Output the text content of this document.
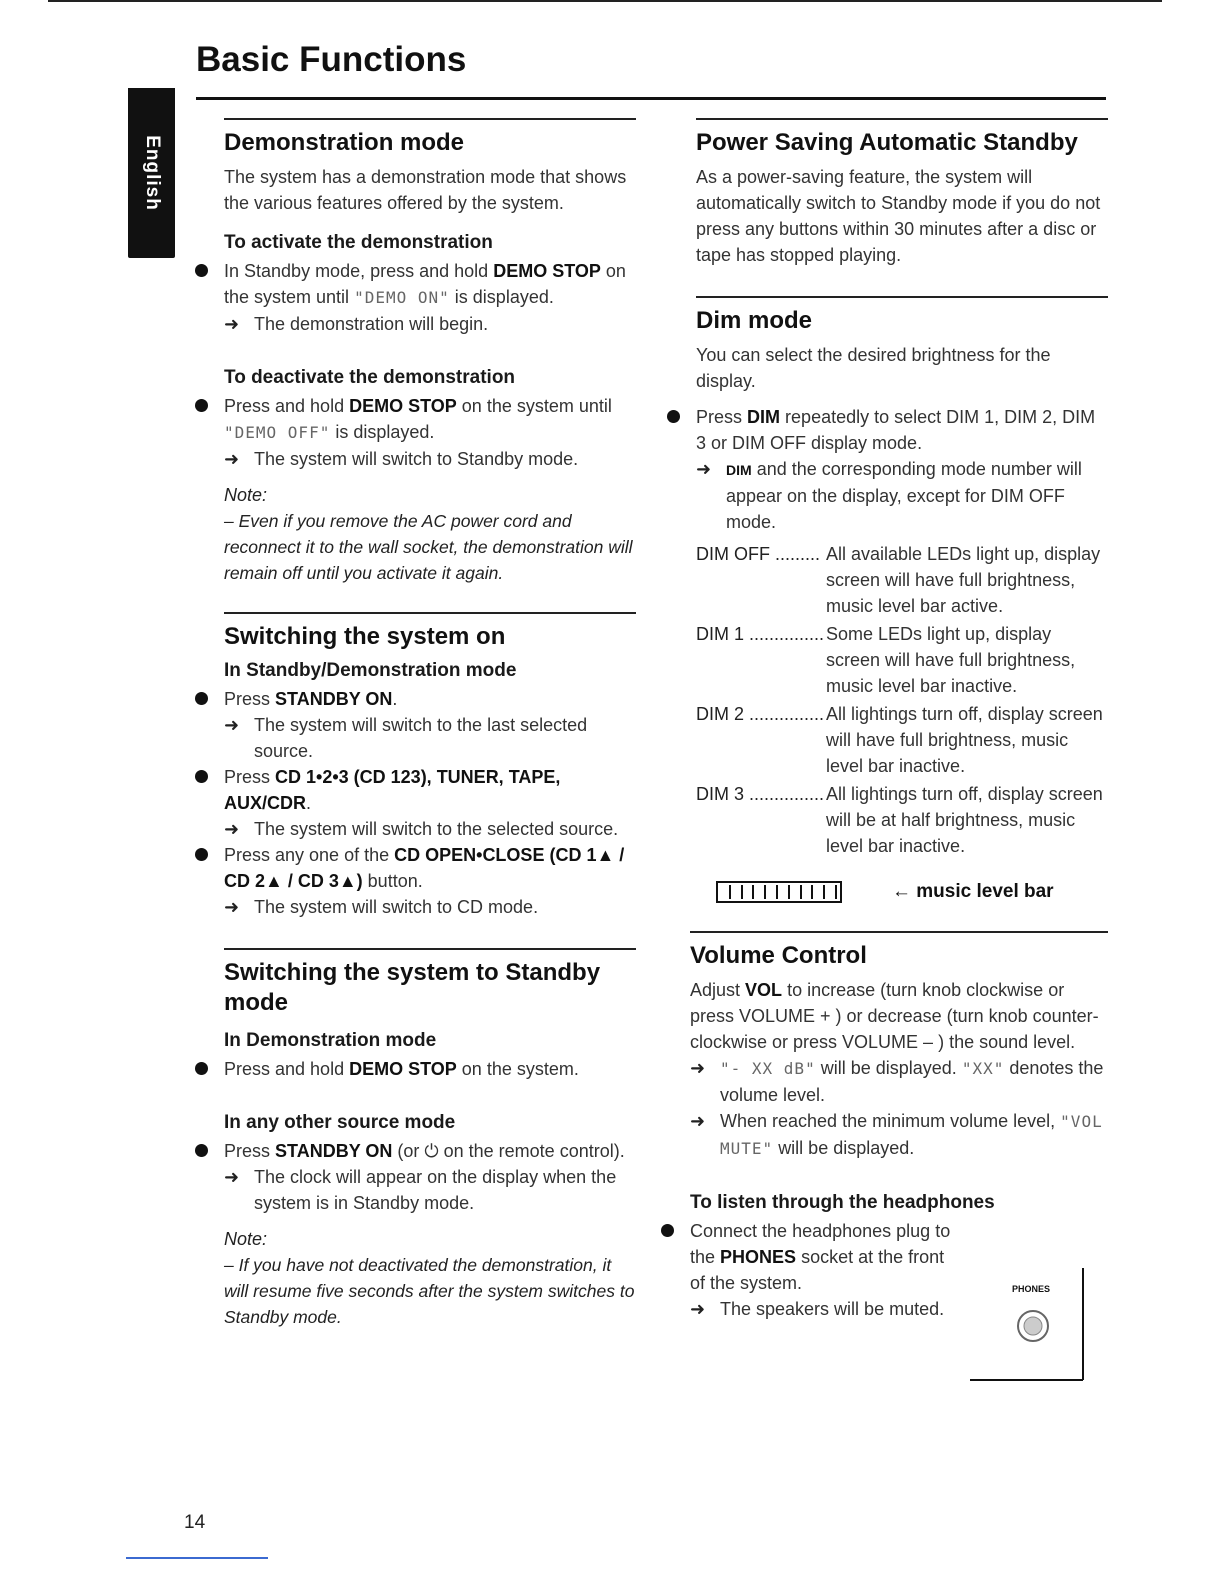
English
Basic Functions
Demonstration mode

The system has a demonstration mode that shows the various features offered by the system.

To activate the demonstration

In Standby mode, press and hold DEMO STOP on the system until "DEMO ON" is displayed.

➜ The demonstration will begin.

To deactivate the demonstration

Press and hold DEMO STOP on the system until "DEMO OFF" is displayed.

➜ The system will switch to Standby mode.

Note:

– Even if you remove the AC power cord and reconnect it to the wall socket, the demonstration will remain off until you activate it again.

Switching the system on
In Standby/Demonstration mode

Press STANDBY ON.

➜ The system will switch to the last selected source.

Press CD 1•2•3 (CD 123), TUNER, TAPE, AUX/CDR.

➜ The system will switch to the selected source.

Press any one of the CD OPEN•CLOSE (CD 1▲ / CD 2▲ / CD 3▲) button.

➜ The system will switch to CD mode.

Switching the system to Standby mode
In Demonstration mode

Press and hold DEMO STOP on the system.

In any other source mode

Press STANDBY ON (or ⏻ on the remote control).

➜ The clock will appear on the display when the system is in Standby mode.

Note:

– If you have not deactivated the demonstration, it will resume five seconds after the system switches to Standby mode.

Power Saving Automatic Standby

As a power-saving feature, the system will automatically switch to Standby mode if you do not press any buttons within 30 minutes after a disc or tape has stopped playing.

Dim mode

You can select the desired brightness for the display.

Press DIM repeatedly to select DIM 1, DIM 2, DIM 3 or DIM OFF display mode.

➜ DIM and the corresponding mode number will appear on the display, except for DIM OFF mode.

DIM OFF ......... All available LEDs light up, display screen will have full brightness, music level bar active.
DIM 1 ............... Some LEDs light up, display screen will have full brightness, music level bar inactive.
DIM 2 ............... All lightings turn off, display screen will have full brightness, music level bar inactive.
DIM 3 ............... All lightings turn off, display screen will be at half brightness, music level bar inactive.
← music level bar
Volume Control

Adjust VOL to increase (turn knob clockwise or press VOLUME + ) or decrease (turn knob counter-clockwise or press VOLUME – ) the sound level.

➜ "- XX dB" will be displayed. "XX" denotes the volume level.

➜ When reached the minimum volume level, "VOL MUTE" will be displayed.

To listen through the headphones

Connect the headphones plug to the PHONES socket at the front of the system.

➜ The speakers will be muted.

PHONES
14
